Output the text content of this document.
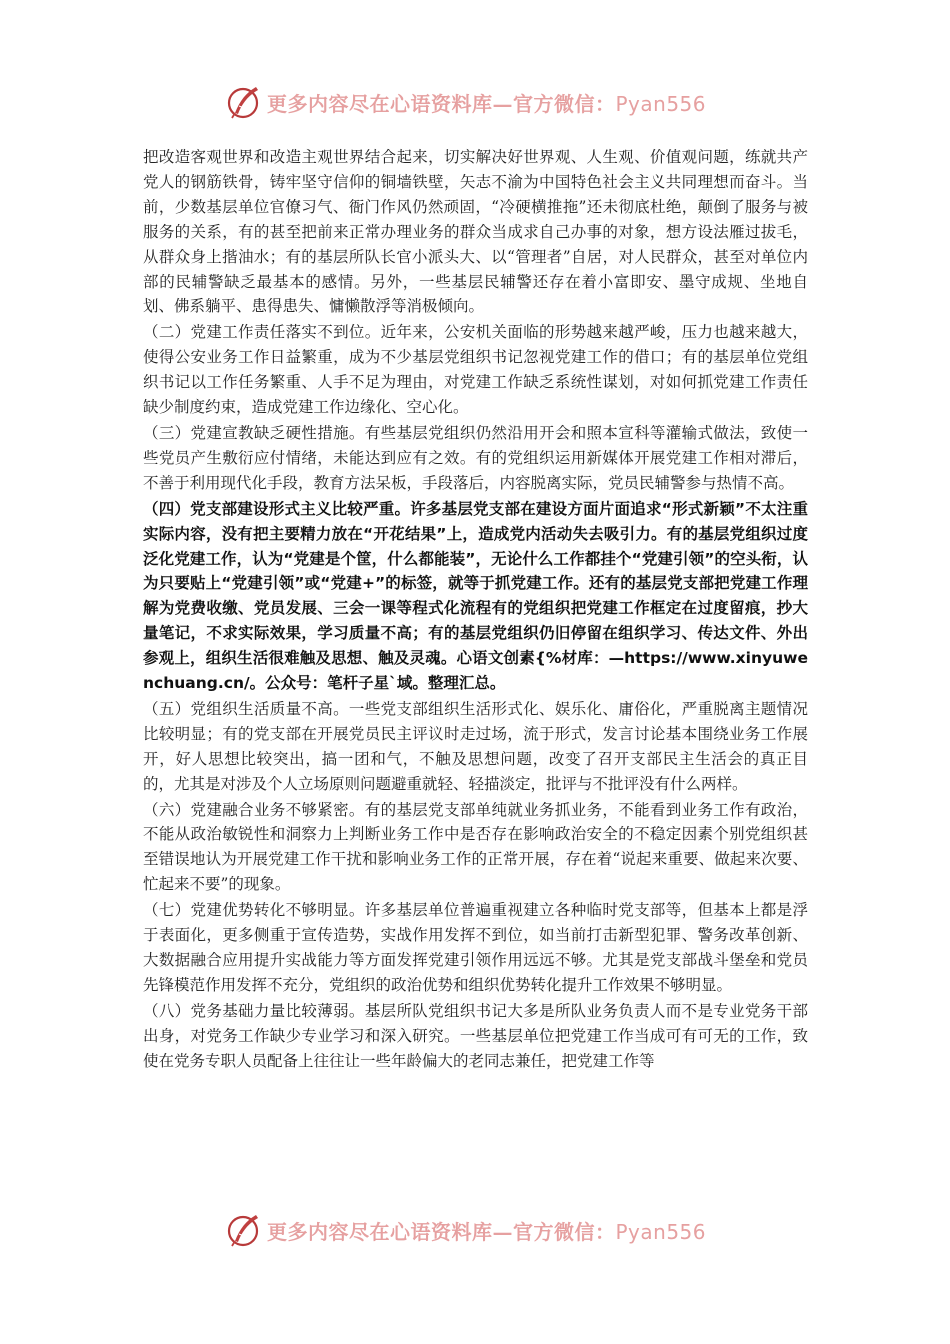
更多内容尽在心语资料库—官方微信：Pyan556

把改造客观世界和改造主观世界结合起来，切实解决好世界观、人生观、价值观问题，练就共产党人的钢筋铁骨，铸牢坚守信仰的铜墙铁壁，矢志不渝为中国特色社会主义共同理想而奋斗。当前，少数基层单位官僚习气、衙门作风仍然顽固，“冷硬横推拖”还未彻底杜绝，颠倒了服务与被服务的关系，有的甚至把前来正常办理业务的群众当成求自己办事的对象，想方设法雁过拔毛，从群众身上揩油水；有的基层所队长官小派头大、以“管理者”自居，对人民群众，甚至对单位内部的民辅警缺乏最基本的感情。另外，一些基层民辅警还存在着小富即安、墨守成规、坐地自划、佛系躺平、患得患失、慵懒散浮等消极倾向。

（二）党建工作责任落实不到位。近年来，公安机关面临的形势越来越严峻，压力也越来越大，使得公安业务工作日益繁重，成为不少基层党组织书记忽视党建工作的借口；有的基层单位党组织书记以工作任务繁重、人手不足为理由，对党建工作缺乏系统性谋划，对如何抓党建工作责任缺少制度约束，造成党建工作边缘化、空心化。

（三）党建宣教缺乏硬性措施。有些基层党组织仍然沿用开会和照本宣科等灌输式做法，致使一些党员产生敷衍应付情绪，未能达到应有之效。有的党组织运用新媒体开展党建工作相对滞后，不善于利用现代化手段，教育方法呆板，手段落后，内容脱离实际，党员民辅警参与热情不高。

（四）党支部建设形式主义比较严重。许多基层党支部在建设方面片面追求“形式新颖”不太注重实际内容，没有把主要精力放在“开花结果”上，造成党内活动失去吸引力。有的基层党组织过度泛化党建工作，认为“党建是个筐，什么都能装”，无论什么工作都挂个“党建引领”的空头衔，认为只要贴上“党建引领”或“党建+”的标签，就等于抓党建工作。还有的基层党支部把党建工作理解为党费收缴、党员发展、三会一课等程式化流程有的党组织把党建工作框定在过度留痕，抄大量笔记，不求实际效果，学习质量不高；有的基层党组织仍旧停留在组织学习、传达文件、外出参观上，组织生活很难触及思想、触及灵魂。心语文创素{%材库：—https://www.xinyuwenchuang.cn/。公众号：笔杆子星`域。整理汇总。

（五）党组织生活质量不高。一些党支部组织生活形式化、娱乐化、庸俗化，严重脱离主题情况比较明显；有的党支部在开展党员民主评议时走过场，流于形式，发言讨论基本围绕业务工作展开，好人思想比较突出，搞一团和气，不触及思想问题，改变了召开支部民主生活会的真正目的，尤其是对涉及个人立场原则问题避重就轻、轻描淡定，批评与不批评没有什么两样。

（六）党建融合业务不够紧密。有的基层党支部单纯就业务抓业务，不能看到业务工作有政治，不能从政治敏锐性和洞察力上判断业务工作中是否存在影响政治安全的不稳定因素个别党组织甚至错误地认为开展党建工作干扰和影响业务工作的正常开展，存在着“说起来重要、做起来次要、忙起来不要”的现象。

（七）党建优势转化不够明显。许多基层单位普遍重视建立各种临时党支部等，但基本上都是浮于表面化，更多侧重于宣传造势，实战作用发挥不到位，如当前打击新型犯罪、警务改革创新、大数据融合应用提升实战能力等方面发挥党建引领作用远远不够。尤其是党支部战斗堡垒和党员先锋模范作用发挥不充分，党组织的政治优势和组织优势转化提升工作效果不够明显。

（八）党务基础力量比较薄弱。基层所队党组织书记大多是所队业务负责人而不是专业党务干部出身，对党务工作缺少专业学习和深入研究。一些基层单位把党建工作当成可有可无的工作，致使在党务专职人员配备上往往让一些年龄偏大的老同志兼任，把党建工作等

更多内容尽在心语资料库—官方微信：Pyan556
